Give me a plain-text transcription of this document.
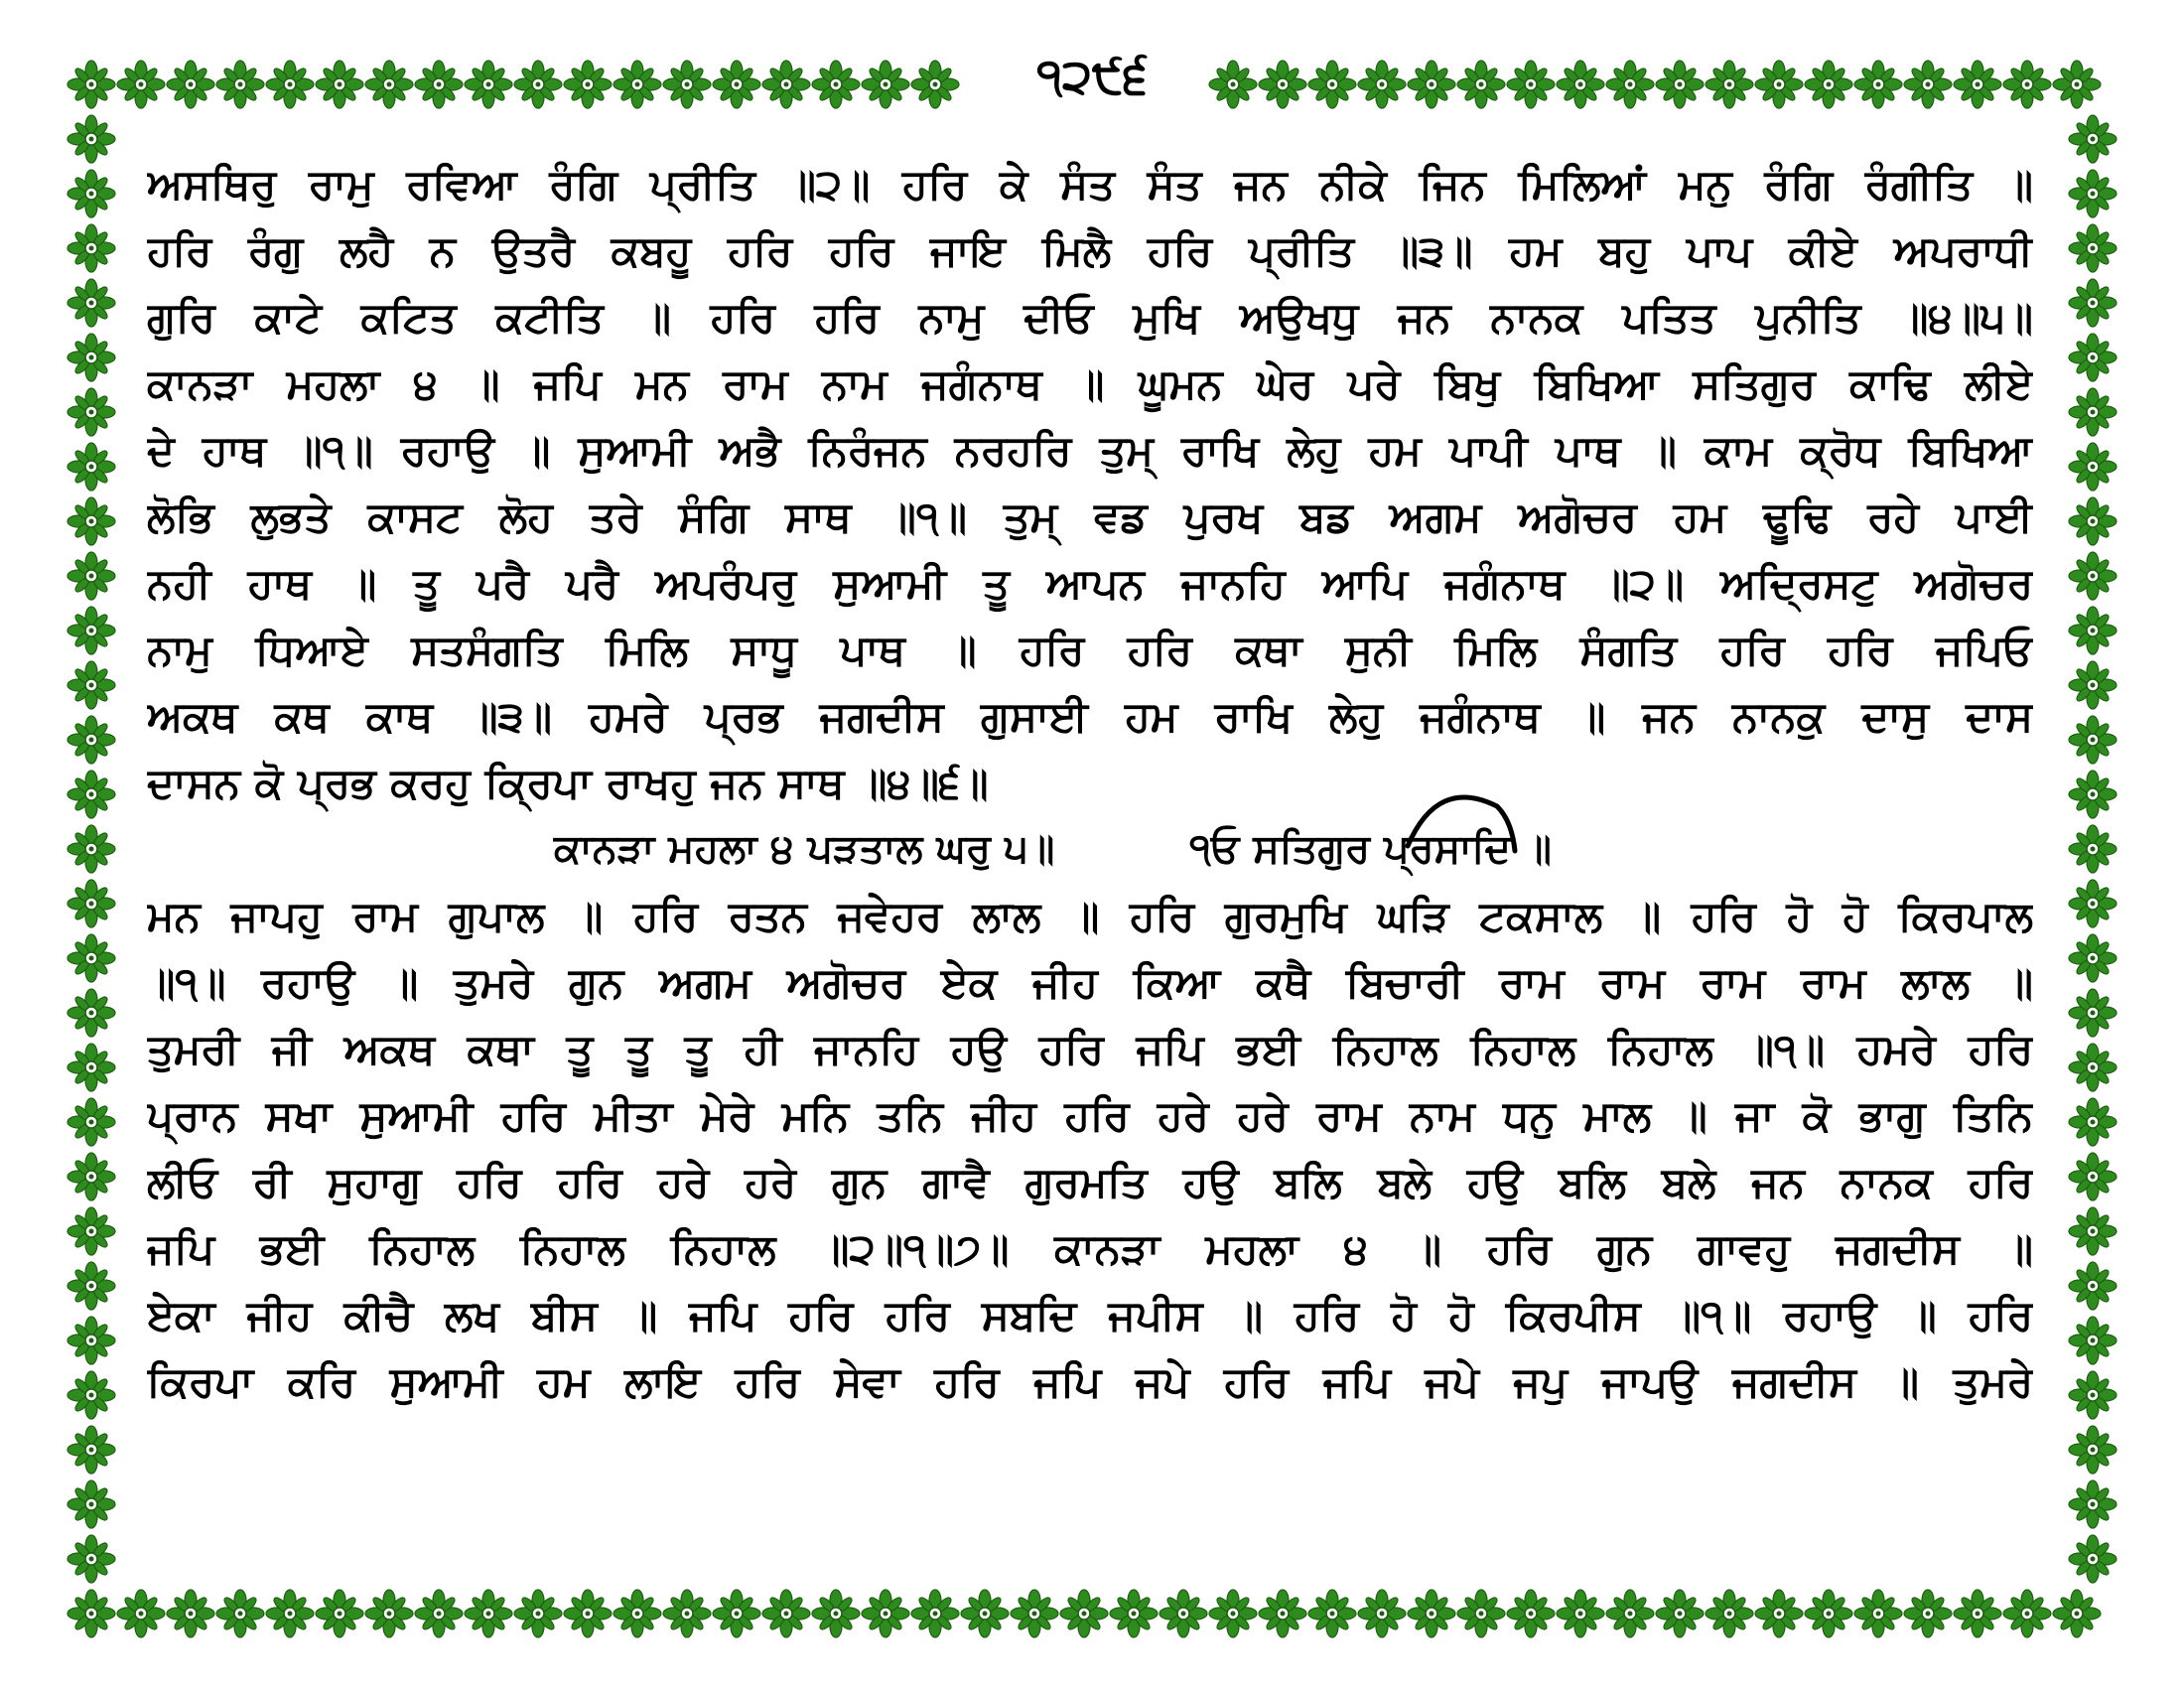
੧੨੯੬
ਅਸਥਿਰੁ ਰਾਮੁ ਰਵਿਆ ਰੰਗਿ ਪ੍ਰੀਤਿ ॥੨॥ ਹਰਿ ਕੇ ਸੰਤ ਸੰਤ ਜਨ ਨੀਕੇ ਜਿਨ ਮਿਲਿਆਂ ਮਨੁ ਰੰਗਿ ਰੰਗੀਤਿ ॥
ਹਰਿ ਰੰਗੁ ਲਹੈ ਨ ਉਤਰੈ ਕਬਹੂ ਹਰਿ ਹਰਿ ਜਾਇ ਮਿਲੈ ਹਰਿ ਪ੍ਰੀਤਿ ॥੩॥ ਹਮ ਬਹੁ ਪਾਪ ਕੀਏ ਅਪਰਾਧੀ
ਗੁਰਿ ਕਾਟੇ ਕਟਿਤ ਕਟੀਤਿ ॥ ਹਰਿ ਹਰਿ ਨਾਮੁ ਦੀਓ ਮੁਖਿ ਅਉਖਧੁ ਜਨ ਨਾਨਕ ਪਤਿਤ ਪੁਨੀਤਿ ॥੪॥੫॥
ਕਾਨੜਾ ਮਹਲਾ ੪ ॥ ਜਪਿ ਮਨ ਰਾਮ ਨਾਮ ਜਗੰਨਾਥ ॥ ਘੂਮਨ ਘੇਰ ਪਰੇ ਬਿਖੁ ਬਿਖਿਆ ਸਤਿਗੁਰ ਕਾਢਿ ਲੀਏ
ਦੇ ਹਾਥ ॥੧॥ ਰਹਾਉ ॥ ਸੁਆਮੀ ਅਭੈ ਨਿਰੰਜਨ ਨਰਹਰਿ ਤੁਮ੍ ਰਾਖਿ ਲੇਹੁ ਹਮ ਪਾਪੀ ਪਾਥ ॥ ਕਾਮ ਕ੍ਰੋਧ ਬਿਖਿਆ
ਲੋਭਿ ਲੁਭਤੇ ਕਾਸਟ ਲੋਹ ਤਰੇ ਸੰਗਿ ਸਾਥ ॥੧॥ ਤੁਮ੍ ਵਡ ਪੁਰਖ ਬਡ ਅਗਮ ਅਗੋਚਰ ਹਮ ਢੂਢਿ ਰਹੇ ਪਾਈ
ਨਹੀ ਹਾਥ ॥ ਤੂ ਪਰੈ ਪਰੈ ਅਪਰੰਪਰੁ ਸੁਆਮੀ ਤੂ ਆਪਨ ਜਾਨਹਿ ਆਪਿ ਜਗੰਨਾਥ ॥੨॥ ਅਦ੍ਰਿਸਟੁ ਅਗੋਚਰ
ਨਾਮੁ ਧਿਆਏ ਸਤਸੰਗਤਿ ਮਿਲਿ ਸਾਧੂ ਪਾਥ ॥ ਹਰਿ ਹਰਿ ਕਥਾ ਸੁਨੀ ਮਿਲਿ ਸੰਗਤਿ ਹਰਿ ਹਰਿ ਜਪਿਓ
ਅਕਥ ਕਥ ਕਾਥ ॥੩॥ ਹਮਰੇ ਪ੍ਰਭ ਜਗਦੀਸ ਗੁਸਾਈ ਹਮ ਰਾਖਿ ਲੇਹੁ ਜਗੰਨਾਥ ॥ ਜਨ ਨਾਨਕੁ ਦਾਸੁ ਦਾਸ
ਦਾਸਨ ਕੋ ਪ੍ਰਭ ਕਰਹੁ ਕ੍ਰਿਪਾ ਰਾਖਹੁ ਜਨ ਸਾਥ ॥੪॥੬॥
ਕਾਨੜਾ ਮਹਲਾ ੪ ਪੜਤਾਲ ਘਰੁ ੫॥	੧ਓ ਸਤਿਗੁਰ ਪ੍ਰਸਾਦਿ ॥
ਮਨ ਜਾਪਹੁ ਰਾਮ ਗੁਪਾਲ ॥ ਹਰਿ ਰਤਨ ਜਵੇਹਰ ਲਾਲ ॥ ਹਰਿ ਗੁਰਮੁਖਿ ਘੜਿ ਟਕਸਾਲ ॥ ਹਰਿ ਹੋ ਹੋ ਕਿਰਪਾਲ
॥੧॥ ਰਹਾਉ ॥ ਤੁਮਰੇ ਗੁਨ ਅਗਮ ਅਗੋਚਰ ਏਕ ਜੀਹ ਕਿਆ ਕਥੈ ਬਿਚਾਰੀ ਰਾਮ ਰਾਮ ਰਾਮ ਰਾਮ ਲਾਲ ॥
ਤੁਮਰੀ ਜੀ ਅਕਥ ਕਥਾ ਤੂ ਤੂ ਤੂ ਹੀ ਜਾਨਹਿ ਹਉ ਹਰਿ ਜਪਿ ਭਈ ਨਿਹਾਲ ਨਿਹਾਲ ਨਿਹਾਲ ॥੧॥ ਹਮਰੇ ਹਰਿ
ਪ੍ਰਾਨ ਸਖਾ ਸੁਆਮੀ ਹਰਿ ਮੀਤਾ ਮੇਰੇ ਮਨਿ ਤਨਿ ਜੀਹ ਹਰਿ ਹਰੇ ਹਰੇ ਰਾਮ ਨਾਮ ਧਨੁ ਮਾਲ ॥ ਜਾ ਕੋ ਭਾਗੁ ਤਿਨਿ
ਲੀਓ ਰੀ ਸੁਹਾਗੁ ਹਰਿ ਹਰਿ ਹਰੇ ਹਰੇ ਗੁਨ ਗਾਵੈ ਗੁਰਮਤਿ ਹਉ ਬਲਿ ਬਲੇ ਹਉ ਬਲਿ ਬਲੇ ਜਨ ਨਾਨਕ ਹਰਿ
ਜਪਿ ਭਈ ਨਿਹਾਲ ਨਿਹਾਲ ਨਿਹਾਲ ॥੨॥੧॥੭॥ ਕਾਨੜਾ ਮਹਲਾ ੪ ॥ ਹਰਿ ਗੁਨ ਗਾਵਹੁ ਜਗਦੀਸ ॥
ਏਕਾ ਜੀਹ ਕੀਚੈ ਲਖ ਬੀਸ ॥ ਜਪਿ ਹਰਿ ਹਰਿ ਸਬਦਿ ਜਪੀਸ ॥ ਹਰਿ ਹੋ ਹੋ ਕਿਰਪੀਸ ॥੧॥ ਰਹਾਉ ॥ ਹਰਿ
ਕਿਰਪਾ ਕਰਿ ਸੁਆਮੀ ਹਮ ਲਾਇ ਹਰਿ ਸੇਵਾ ਹਰਿ ਜਪਿ ਜਪੇ ਹਰਿ ਜਪਿ ਜਪੇ ਜਪੁ ਜਾਪਉ ਜਗਦੀਸ ॥ ਤੁਮਰੇ
